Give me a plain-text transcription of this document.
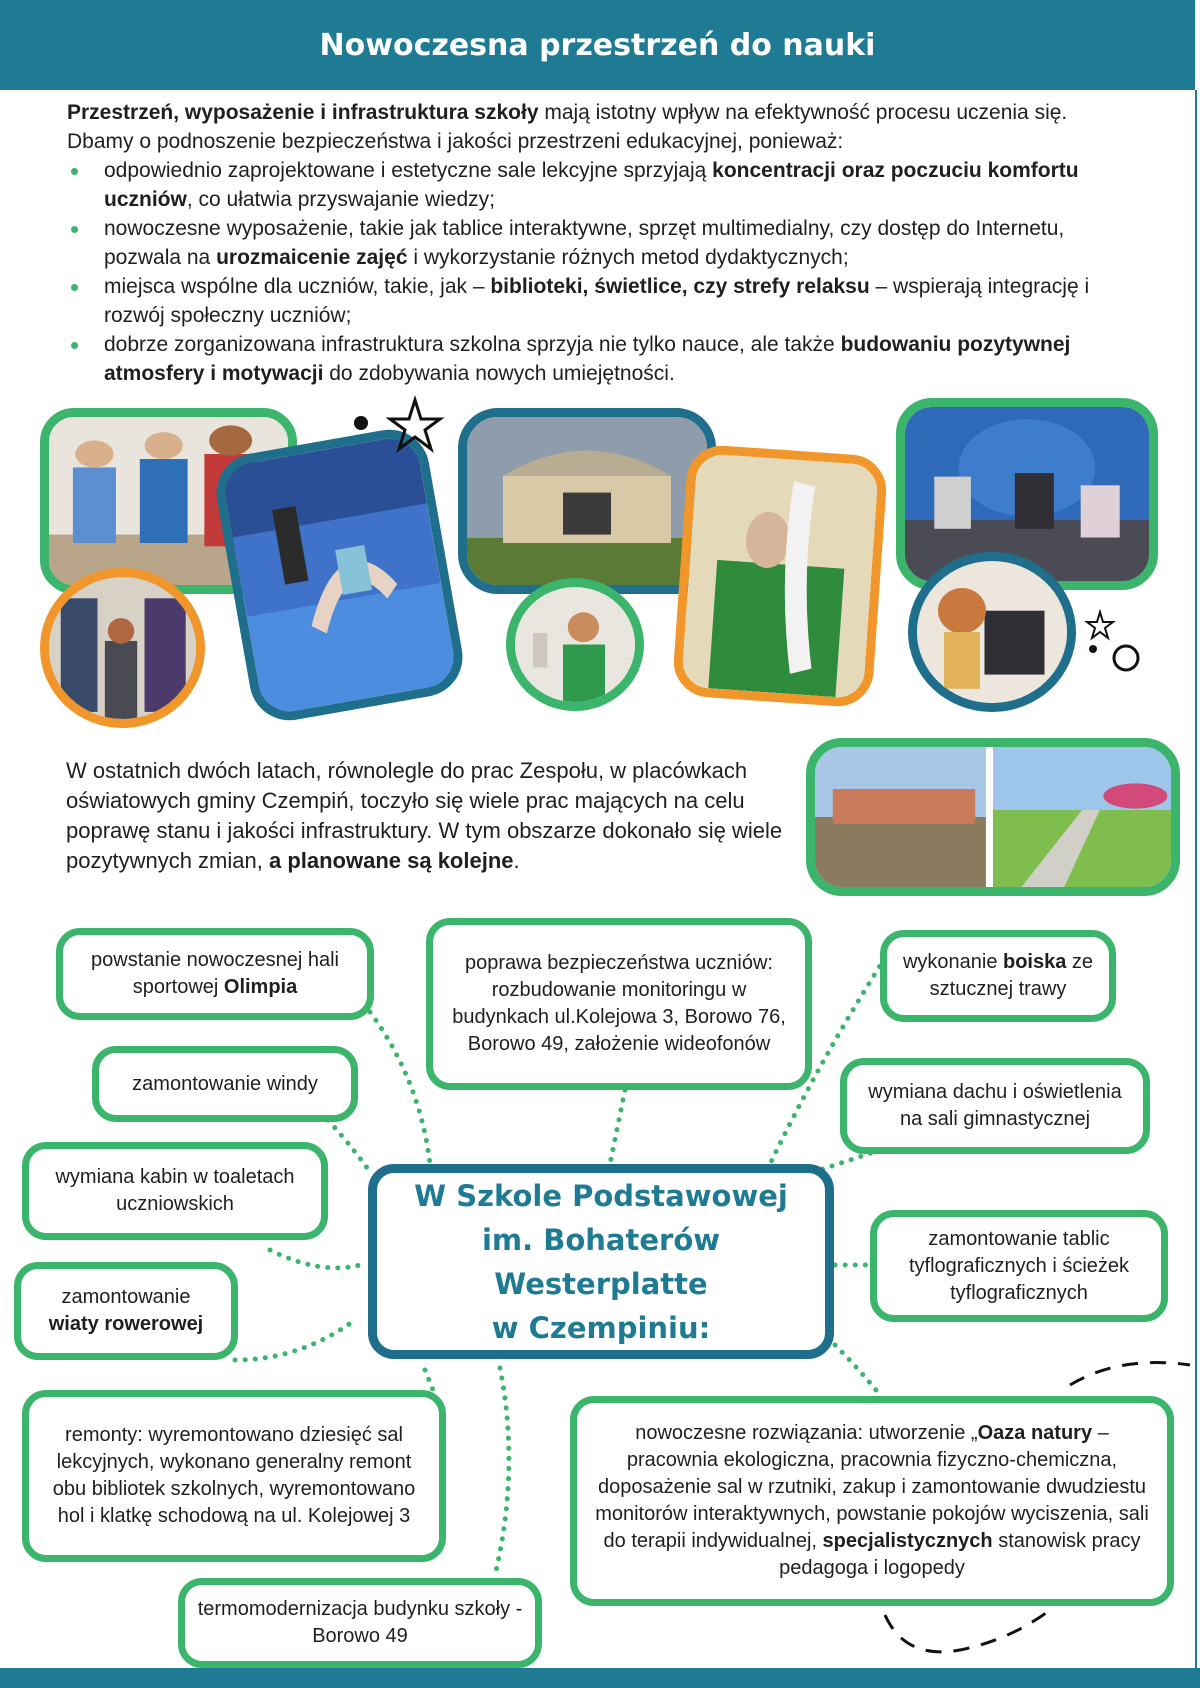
Nowoczesna przestrzeń do nauki

Przestrzeń, wyposażenie i infrastruktura szkoły mają istotny wpływ na efektywność procesu uczenia się. Dbamy o podnoszenie bezpieczeństwa i jakości przestrzeni edukacyjnej, ponieważ:

odpowiednio zaprojektowane i estetyczne sale lekcyjne sprzyjają koncentracji oraz poczuciu komfortu uczniów, co ułatwia przyswajanie wiedzy;
nowoczesne wyposażenie, takie jak tablice interaktywne, sprzęt multimedialny, czy dostęp do Internetu, pozwala na urozmaicenie zajęć i wykorzystanie różnych metod dydaktycznych;
miejsca wspólne dla uczniów, takie, jak – biblioteki, świetlice, czy strefy relaksu – wspierają integrację i rozwój społeczny uczniów;
dobrze zorganizowana infrastruktura szkolna sprzyja nie tylko nauce, ale także budowaniu pozytywnej atmosfery i motywacji do zdobywania nowych umiejętności.
W ostatnich dwóch latach, równolegle do prac Zespołu, w placówkach oświatowych gminy Czempiń, toczyło się wiele prac mających na celu poprawę stanu i jakości infrastruktury. W tym obszarze dokonało się wiele pozytywnych zmian, a planowane są kolejne.
W Szkole Podstawowej
im. Bohaterów Westerplatte
w Czempiniu:
powstanie nowoczesnej hali sportowej Olimpia
poprawa bezpieczeństwa uczniów: rozbudowanie monitoringu w budynkach ul.Kolejowa 3, Borowo 76, Borowo 49, założenie wideofonów
wykonanie boiska ze sztucznej trawy
zamontowanie windy	wymiana dachu i oświetlenia na sali gimnastycznej
wymiana kabin w toaletach uczniowskich
zamontowanie tablic tyflograficznych i ścieżek tyflograficznych
zamontowanie
wiaty rowerowej
remonty: wyremontowano dziesięć sal lekcyjnych, wykonano generalny remont obu bibliotek szkolnych, wyremontowano hol i klatkę schodową na ul. Kolejowej 3
nowoczesne rozwiązania: utworzenie „Oaza natury – pracownia ekologiczna, pracownia fizyczno-chemiczna, doposażenie sal w rzutniki, zakup i zamontowanie dwudziestu monitorów interaktywnych, powstanie pokojów wyciszenia, sali do terapii indywidualnej, specjalistycznych stanowisk pracy pedagoga i logopedy
termomodernizacja budynku szkoły - Borowo 49
